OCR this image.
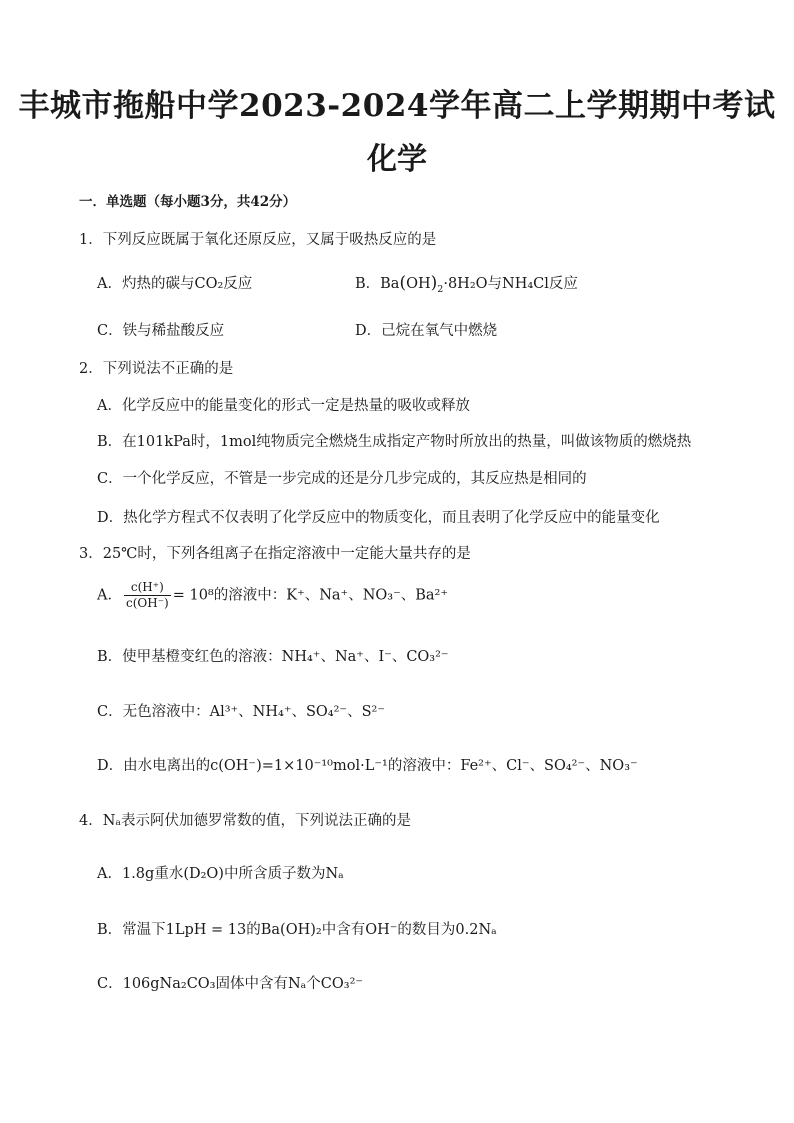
丰城市拖船中学2023-2024学年高二上学期期中考试
化学
一．单选题（每小题3分，共42分）
1．下列反应既属于氧化还原反应，又属于吸热反应的是
A．灼热的碳与CO₂反应	B．$Ba(OH)_2\cdot 8H_2O$与NH₄Cl反应
C．铁与稀盐酸反应	D．己烷在氧气中燃烧
2．下列说法不正确的是
A．化学反应中的能量变化的形式一定是热量的吸收或释放
B．在101kPa时，1mol纯物质完全燃烧生成指定产物时所放出的热量，叫做该物质的燃烧热
C．一个化学反应，不管是一步完成的还是分几步完成的，其反应热是相同的
D．热化学方程式不仅表明了化学反应中的物质变化，而且表明了化学反应中的能量变化
3．25℃时，下列各组离子在指定溶液中一定能大量共存的是
A． $\frac{c(H^+)}{c(OH^-)} = 10^8$的溶液中：K⁺、Na⁺、NO₃⁻、Ba²⁺
B．使甲基橙变红色的溶液：NH₄⁺、Na⁺、I⁻、CO₃²⁻
C．无色溶液中：Al³⁺、NH₄⁺、SO₄²⁻、S²⁻
D．由水电离出的c(OH⁻)=1×10⁻¹⁰mol·L⁻¹的溶液中：Fe²⁺、Cl⁻、SO₄²⁻、NO₃⁻
4．Nₐ表示阿伏加德罗常数的值，下列说法正确的是
A．1.8g重水(D₂O)中所含质子数为Nₐ
B．常温下1LpH = 13的Ba(OH)₂中含有OH⁻的数目为0.2Nₐ
C．106gNa₂CO₃固体中含有Nₐ个CO₃²⁻
